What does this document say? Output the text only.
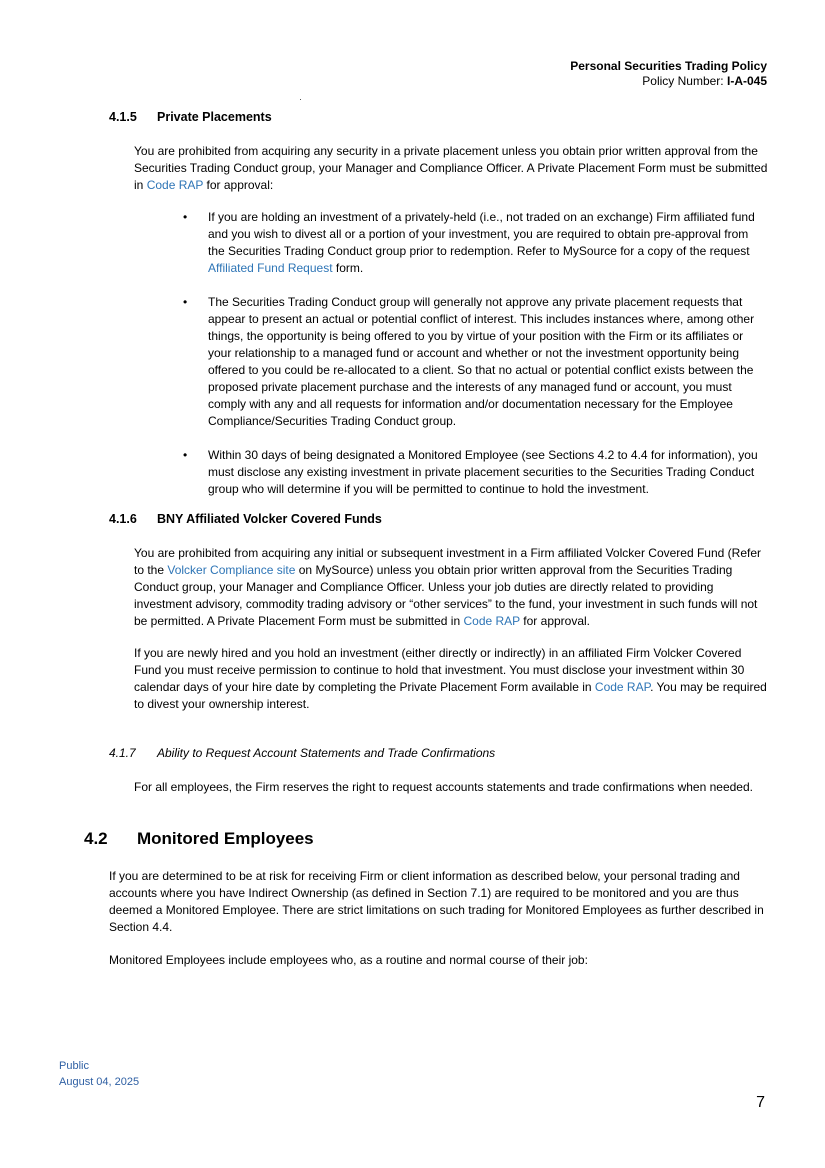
Personal Securities Trading Policy
Policy Number: I-A-045
4.1.5 Private Placements
You are prohibited from acquiring any security in a private placement unless you obtain prior written approval from the Securities Trading Conduct group, your Manager and Compliance Officer. A Private Placement Form must be submitted in Code RAP for approval:
• If you are holding an investment of a privately-held (i.e., not traded on an exchange) Firm affiliated fund and you wish to divest all or a portion of your investment, you are required to obtain pre-approval from the Securities Trading Conduct group prior to redemption. Refer to MySource for a copy of the request Affiliated Fund Request form.
• The Securities Trading Conduct group will generally not approve any private placement requests that appear to present an actual or potential conflict of interest. This includes instances where, among other things, the opportunity is being offered to you by virtue of your position with the Firm or its affiliates or your relationship to a managed fund or account and whether or not the investment opportunity being offered to you could be re-allocated to a client. So that no actual or potential conflict exists between the proposed private placement purchase and the interests of any managed fund or account, you must comply with any and all requests for information and/or documentation necessary for the Employee Compliance/Securities Trading Conduct group.
• Within 30 days of being designated a Monitored Employee (see Sections 4.2 to 4.4 for information), you must disclose any existing investment in private placement securities to the Securities Trading Conduct group who will determine if you will be permitted to continue to hold the investment.
4.1.6 BNY Affiliated Volcker Covered Funds
You are prohibited from acquiring any initial or subsequent investment in a Firm affiliated Volcker Covered Fund (Refer to the Volcker Compliance site on MySource) unless you obtain prior written approval from the Securities Trading Conduct group, your Manager and Compliance Officer. Unless your job duties are directly related to providing investment advisory, commodity trading advisory or “other services” to the fund, your investment in such funds will not be permitted. A Private Placement Form must be submitted in Code RAP for approval.
If you are newly hired and you hold an investment (either directly or indirectly) in an affiliated Firm Volcker Covered Fund you must receive permission to continue to hold that investment. You must disclose your investment within 30 calendar days of your hire date by completing the Private Placement Form available in Code RAP. You may be required to divest your ownership interest.
4.1.7 Ability to Request Account Statements and Trade Confirmations
For all employees, the Firm reserves the right to request accounts statements and trade confirmations when needed.
4.2 Monitored Employees
If you are determined to be at risk for receiving Firm or client information as described below, your personal trading and accounts where you have Indirect Ownership (as defined in Section 7.1) are required to be monitored and you are thus deemed a Monitored Employee. There are strict limitations on such trading for Monitored Employees as further described in Section 4.4.
Monitored Employees include employees who, as a routine and normal course of their job:
Public
August 04, 2025
7
